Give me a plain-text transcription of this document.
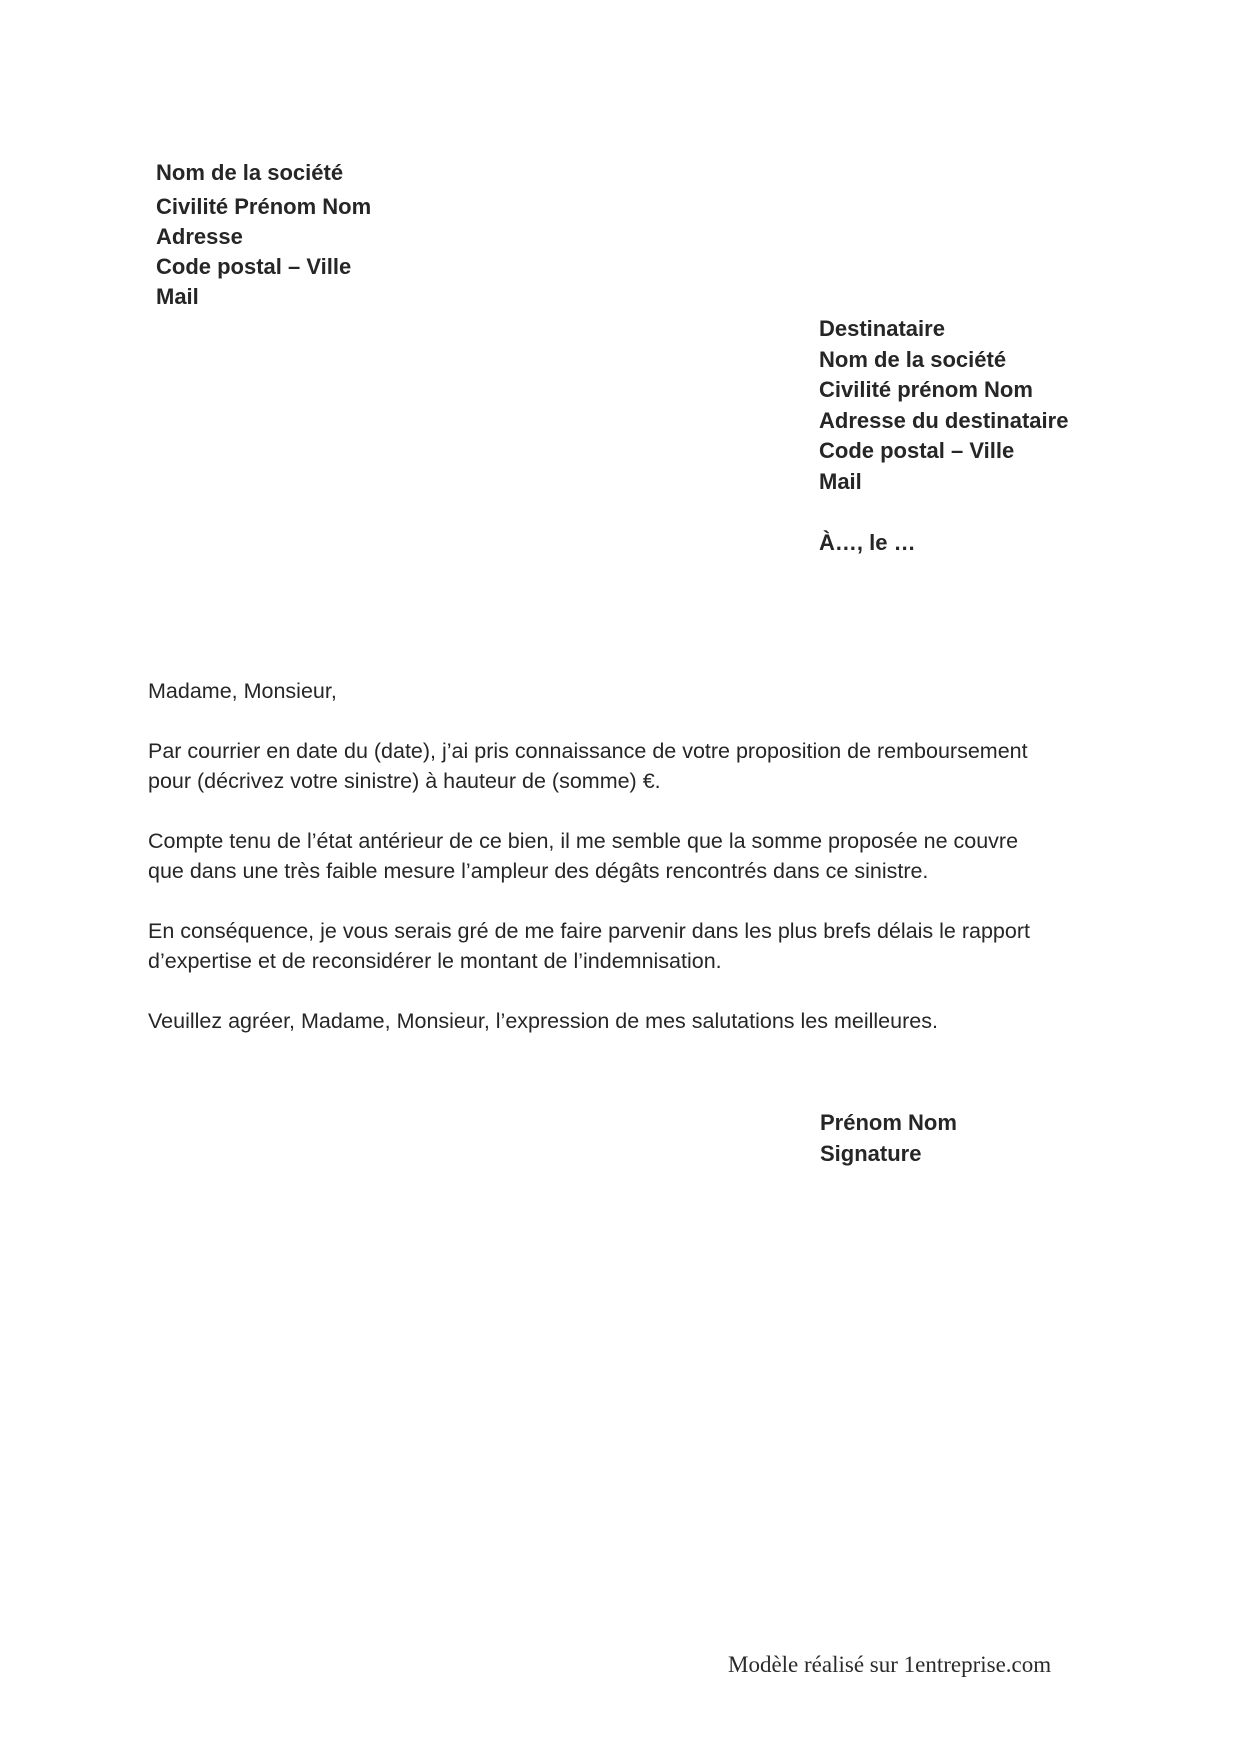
Nom de la société
Civilité Prénom Nom
Adresse
Code postal – Ville
Mail
Destinataire
Nom de la société
Civilité prénom Nom
Adresse du destinataire
Code postal – Ville
Mail
À…, le …
Madame, Monsieur,
Par courrier en date du (date), j’ai pris connaissance de votre proposition de remboursement
pour (décrivez votre sinistre) à hauteur de (somme) €.
Compte tenu de l’état antérieur de ce bien, il me semble que la somme proposée ne couvre
que dans une très faible mesure l’ampleur des dégâts rencontrés dans ce sinistre.
En conséquence, je vous serais gré de me faire parvenir dans les plus brefs délais le rapport
d’expertise et de reconsidérer le montant de l’indemnisation.
Veuillez agréer, Madame, Monsieur, l’expression de mes salutations les meilleures.
Prénom Nom
Signature
Modèle réalisé sur 1entreprise.com
